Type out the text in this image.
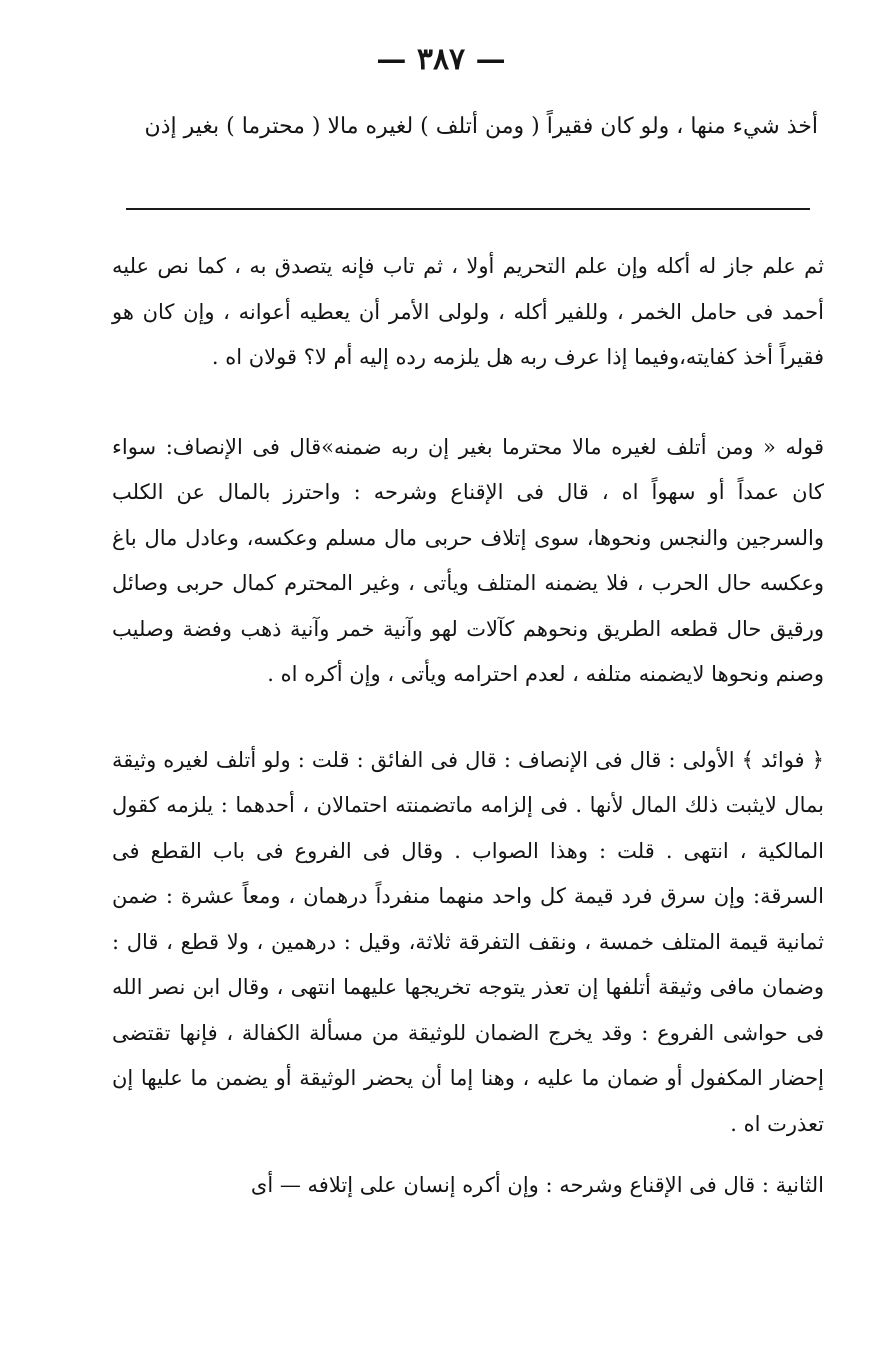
— ٣٨٧ —
أخذ شيء منها ، ولو كان فقيراً ( ومن أتلف ) لغيره مالا ( محترما ) بغير إذن

ثم علم جاز له أكله وإن علم التحريم أولا ، ثم تاب فإنه يتصدق به ، كما نص عليه أحمد فى حامل الخمر ، وللفير أكله ، ولولى الأمر أن يعطيه أعوانه ، وإن كان هو فقيراً أخذ كفايته،وفيما إذا عرف ربه هل يلزمه رده إليه أم لا؟ قولان اه .

قوله « ومن أتلف لغيره مالا محترما بغير إن ربه ضمنه»قال فى الإنصاف: سواء كان عمداً أو سهواً اه ، قال فى الإقناع وشرحه : واحترز بالمال عن الكلب والسرجين والنجس ونحوها، سوى إتلاف حربى مال مسلم وعكسه، وعادل مال باغ وعكسه حال الحرب ، فلا يضمنه المتلف ويأتى ، وغير المحترم كمال حربى وصائل ورقيق حال قطعه الطريق ونحوهم كآلات لهو وآنية خمر وآنية ذهب وفضة وصليب وصنم ونحوها لايضمنه متلفه ، لعدم احترامه ويأتى ، وإن أكره اه .

﴿ فوائد ﴾ الأولى : قال فى الإنصاف : قال فى الفائق : قلت : ولو أتلف لغيره وثيقة بمال لايثبت ذلك المال لأنها . فى إلزامه ماتضمنته احتمالان ، أحدهما : يلزمه كقول المالكية ، انتهى . قلت : وهذا الصواب . وقال فى الفروع فى باب القطع فى السرقة: وإن سرق فرد قيمة كل واحد منهما منفرداً درهمان ، ومعاً عشرة : ضمن ثمانية قيمة المتلف خمسة ، ونقف التفرقة ثلاثة، وقيل : درهمين ، ولا قطع ، قال : وضمان مافى وثيقة أتلفها إن تعذر يتوجه تخريجها عليهما انتهى ، وقال ابن نصر الله فى حواشى الفروع : وقد يخرج الضمان للوثيقة من مسألة الكفالة ، فإنها تقتضى إحضار المكفول أو ضمان ما عليه ، وهنا إما أن يحضر الوثيقة أو يضمن ما عليها إن تعذرت اه .

الثانية : قال فى الإقناع وشرحه : وإن أكره إنسان على إتلافه — أى
